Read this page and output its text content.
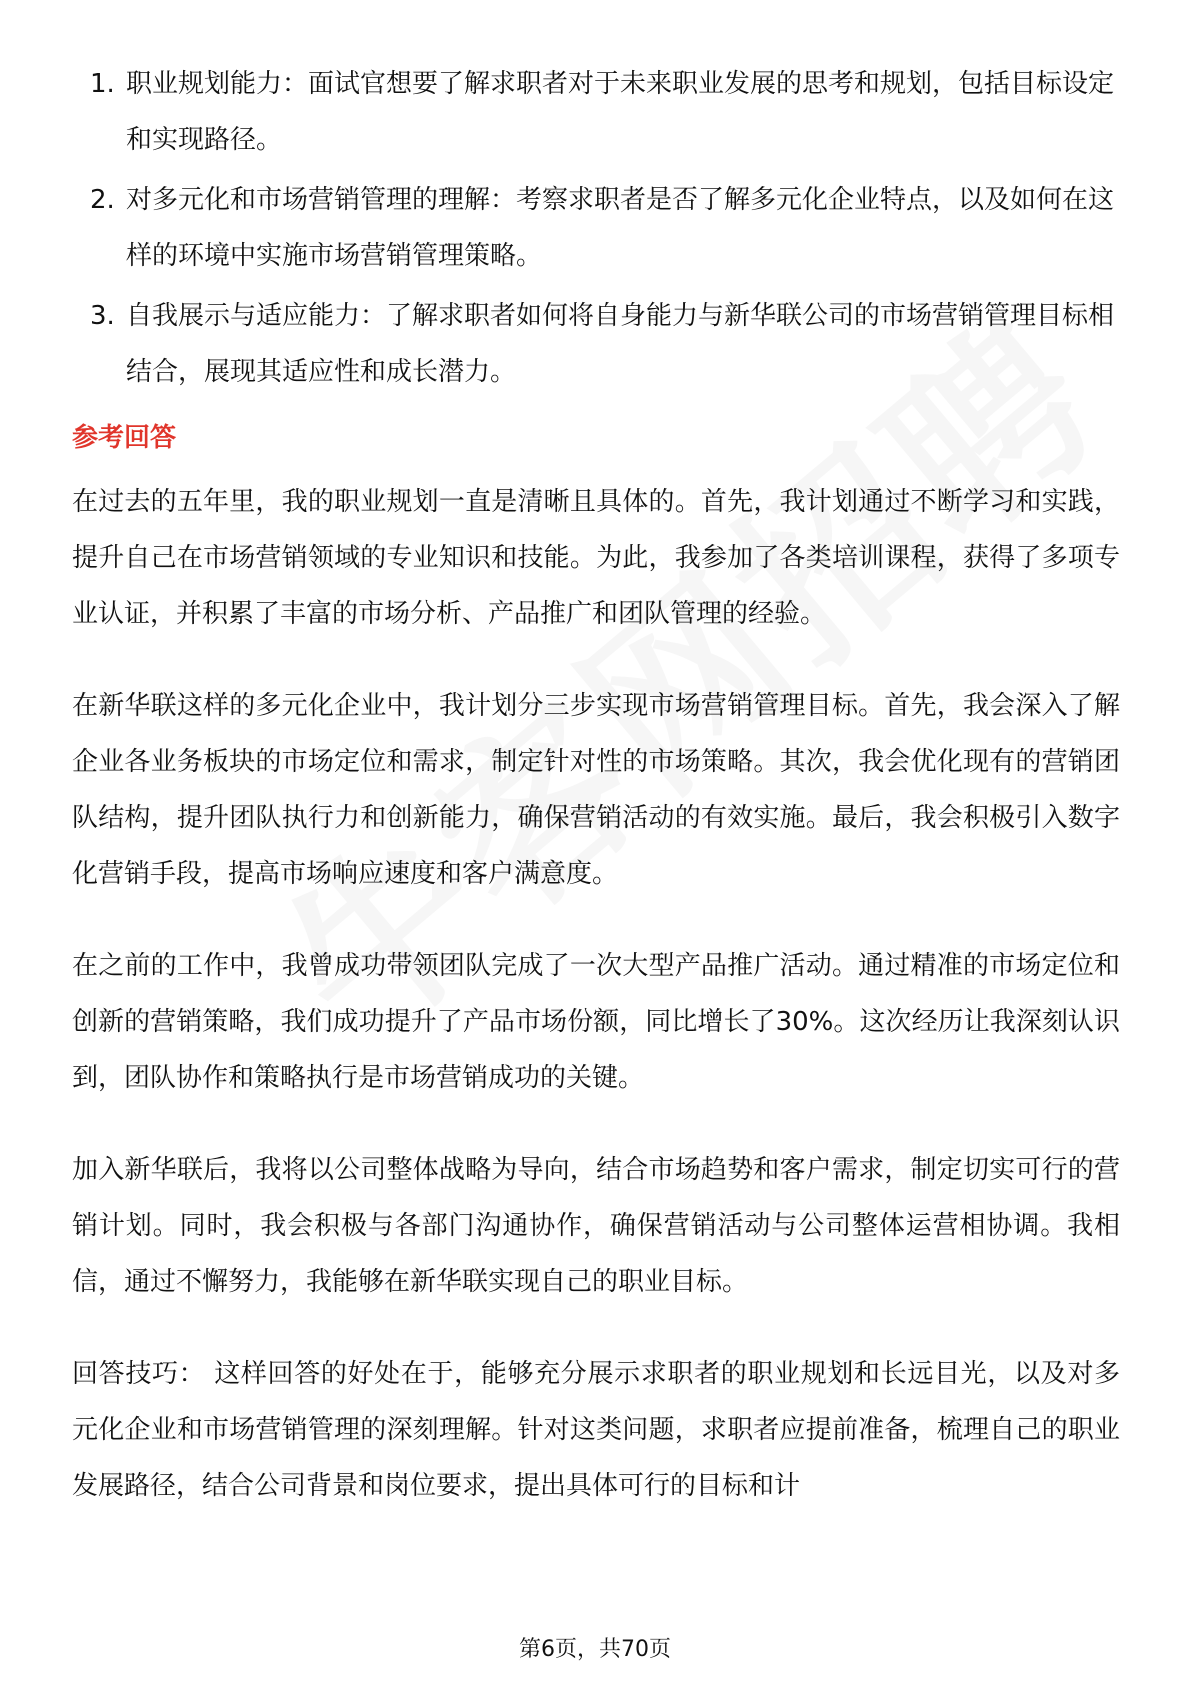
1. 职业规划能力：面试官想要了解求职者对于未来职业发展的思考和规划，包括目标设定和实现路径。
2. 对多元化和市场营销管理的理解：考察求职者是否了解多元化企业特点，以及如何在这样的环境中实施市场营销管理策略。
3. 自我展示与适应能力：了解求职者如何将自身能力与新华联公司的市场营销管理目标相结合，展现其适应性和成长潜力。
参考回答

在过去的五年里，我的职业规划一直是清晰且具体的。首先，我计划通过不断学习和实践，提升自己在市场营销领域的专业知识和技能。为此，我参加了各类培训课程，获得了多项专业认证，并积累了丰富的市场分析、产品推广和团队管理的经验。

在新华联这样的多元化企业中，我计划分三步实现市场营销管理目标。首先，我会深入了解企业各业务板块的市场定位和需求，制定针对性的市场策略。其次，我会优化现有的营销团队结构，提升团队执行力和创新能力，确保营销活动的有效实施。最后，我会积极引入数字化营销手段，提高市场响应速度和客户满意度。

在之前的工作中，我曾成功带领团队完成了一次大型产品推广活动。通过精准的市场定位和创新的营销策略，我们成功提升了产品市场份额，同比增长了30%。这次经历让我深刻认识到，团队协作和策略执行是市场营销成功的关键。

加入新华联后，我将以公司整体战略为导向，结合市场趋势和客户需求，制定切实可行的营销计划。同时，我会积极与各部门沟通协作，确保营销活动与公司整体运营相协调。我相信，通过不懈努力，我能够在新华联实现自己的职业目标。

回答技巧： 这样回答的好处在于，能够充分展示求职者的职业规划和长远目光，以及对多元化企业和市场营销管理的深刻理解。针对这类问题，求职者应提前准备，梳理自己的职业发展路径，结合公司背景和岗位要求，提出具体可行的目标和计

第6页，共70页
